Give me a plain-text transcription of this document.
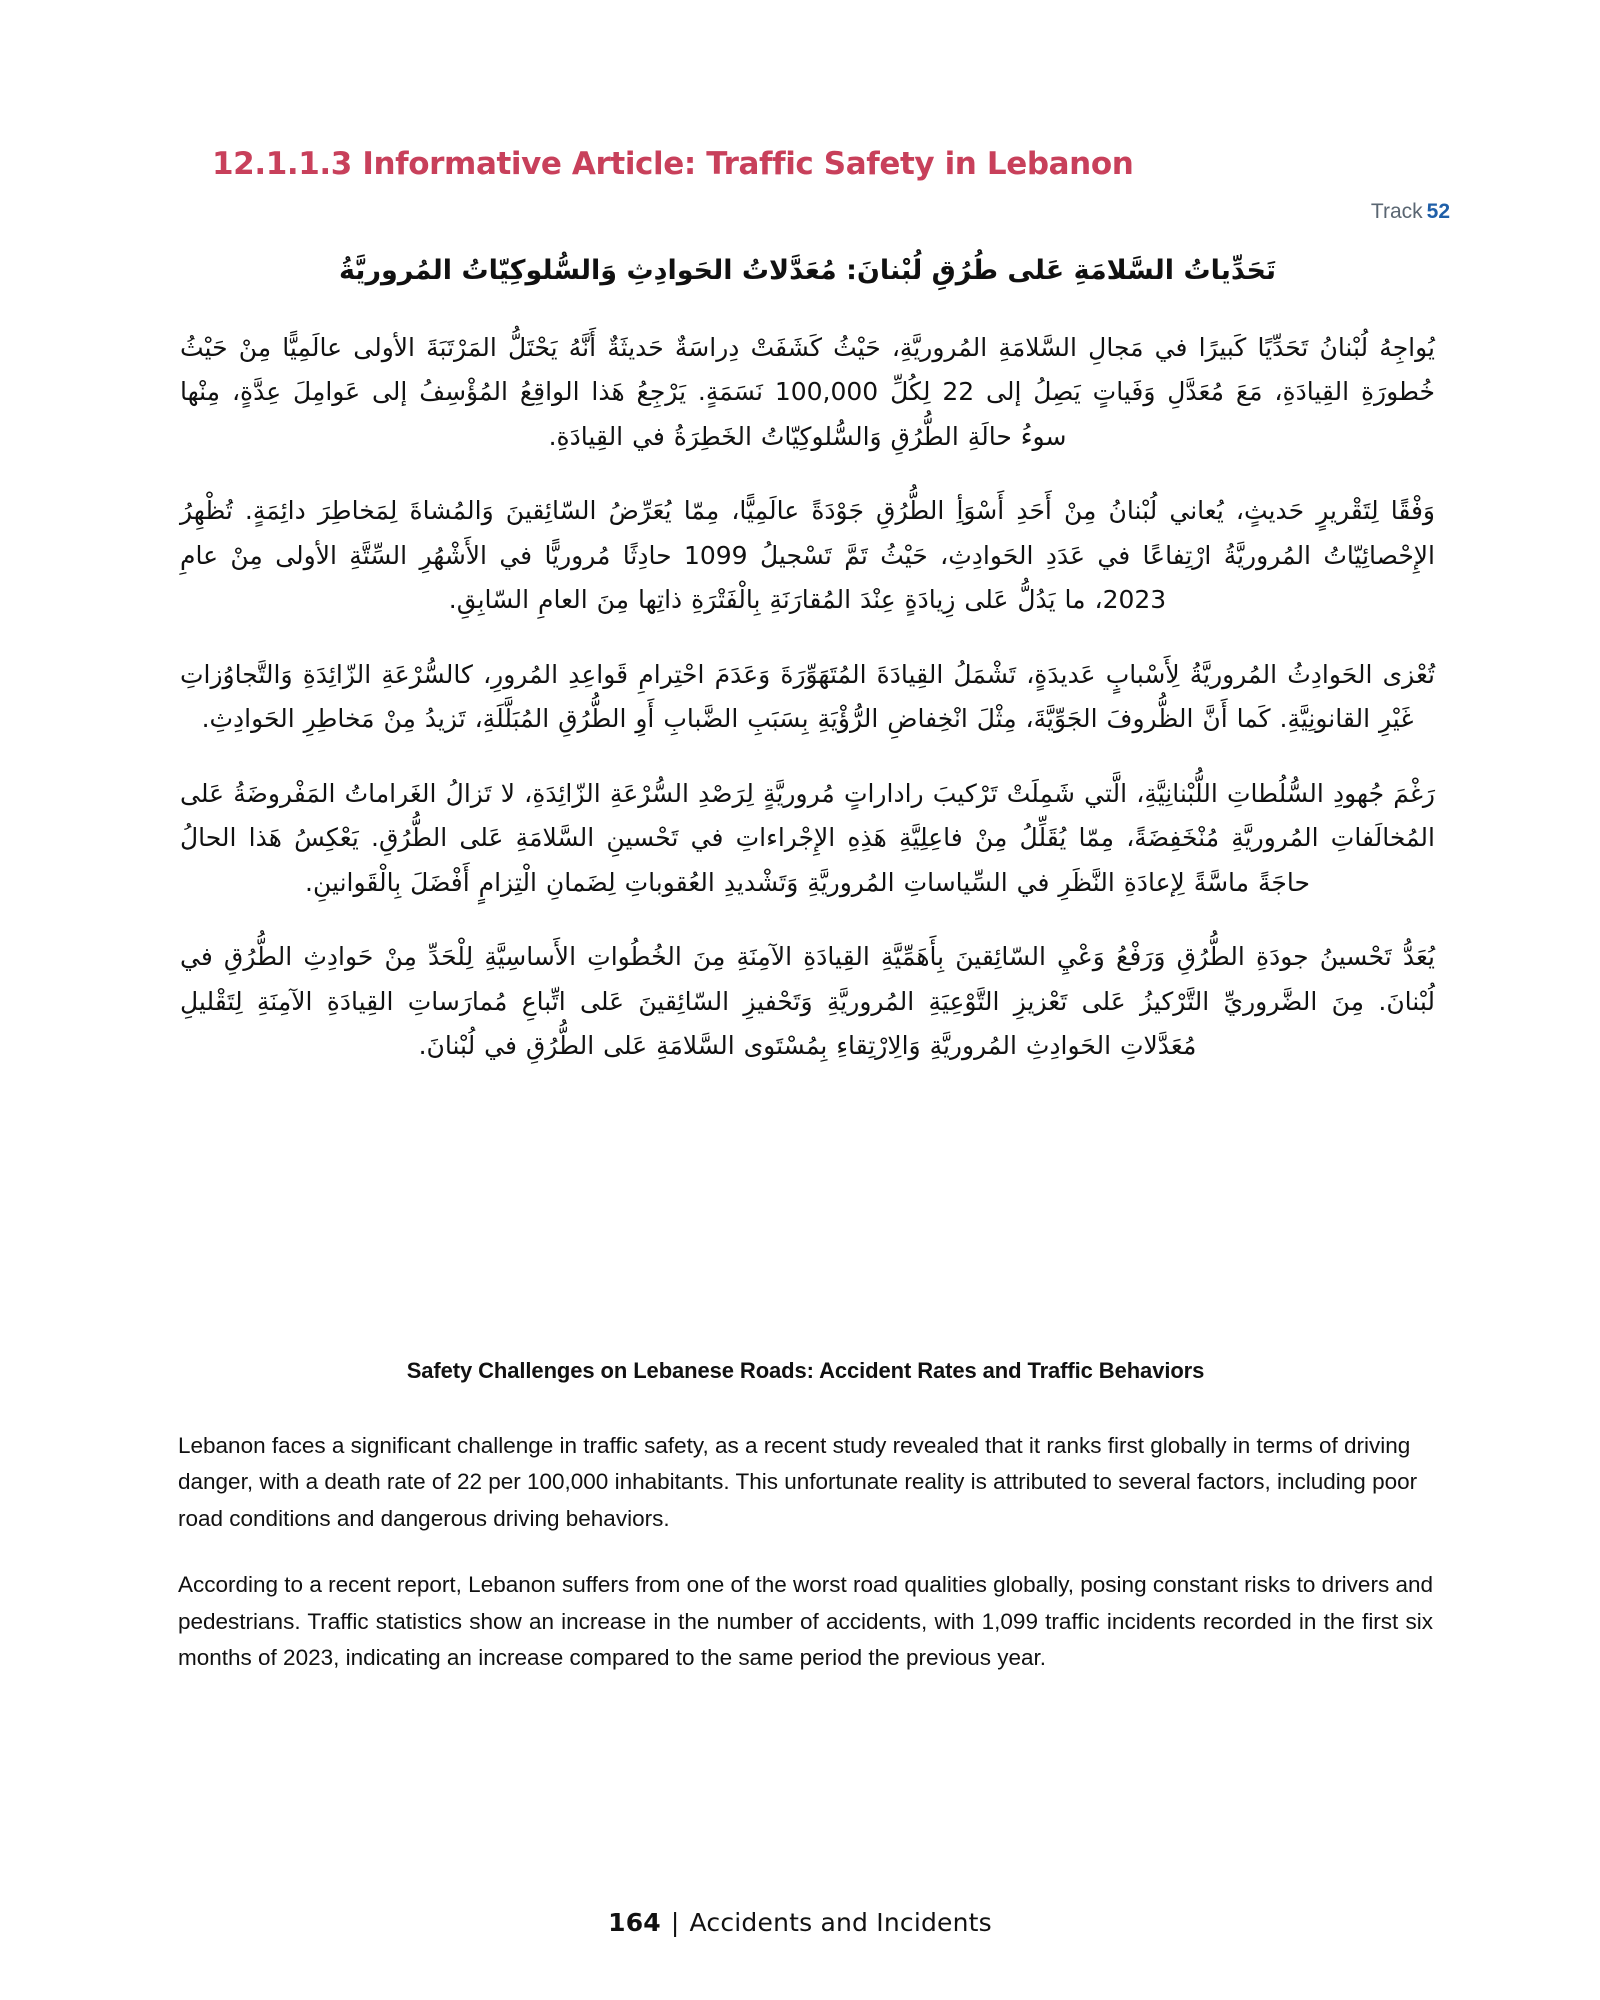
12.1.1.3 Informative Article: Traffic Safety in Lebanon
Track 52
تَحَدِّياتُ السَّلامَةِ عَلى طُرُقِ لُبْنانَ: مُعَدَّلاتُ الحَوادِثِ وَالسُّلوكِيّاتُ المُروريَّةُ

يُواجِهُ لُبْنانُ تَحَدِّيًا كَبيرًا في مَجالِ السَّلامَةِ المُروريَّةِ، حَيْثُ كَشَفَتْ دِراسَةٌ حَديثَةٌ أَنَّهُ يَحْتَلُّ المَرْتَبَةَ الأولى عالَمِيًّا مِنْ حَيْثُ خُطورَةِ القِيادَةِ، مَعَ مُعَدَّلِ وَفَياتٍ يَصِلُ إلى 22 لِكُلِّ 100,000 نَسَمَةٍ. يَرْجِعُ هَذا الواقِعُ المُؤْسِفُ إلى عَوامِلَ عِدَّةٍ، مِنْها سوءُ حالَةِ الطُّرُقِ وَالسُّلوكِيّاتُ الخَطِرَةُ في القِيادَةِ.

وَفْقًا لِتَقْريرٍ حَديثٍ، يُعاني لُبْنانُ مِنْ أَحَدِ أَسْوَأِ الطُّرُقِ جَوْدَةً عالَمِيًّا، مِمّا يُعَرِّضُ السّائِقينَ وَالمُشاةَ لِمَخاطِرَ دائِمَةٍ. تُظْهِرُ الإِحْصائِيّاتُ المُروريَّةُ ارْتِفاعًا في عَدَدِ الحَوادِثِ، حَيْثُ تَمَّ تَسْجيلُ 1099 حادِثًا مُروريًّا في الأَشْهُرِ السِّتَّةِ الأولى مِنْ عامِ 2023، ما يَدُلُّ عَلى زِيادَةٍ عِنْدَ المُقارَنَةِ بِالْفَتْرَةِ ذاتِها مِنَ العامِ السّابِقِ.

تُعْزى الحَوادِثُ المُروريَّةُ لِأَسْبابٍ عَديدَةٍ، تَشْمَلُ القِيادَةَ المُتَهَوِّرَةَ وَعَدَمَ احْتِرامِ قَواعِدِ المُرورِ، كالسُّرْعَةِ الزّائِدَةِ وَالتَّجاوُزاتِ غَيْرِ القانونِيَّةِ. كَما أَنَّ الظُّروفَ الجَوِّيَّةَ، مِثْلَ انْخِفاضِ الرُّؤْيَةِ بِسَبَبِ الضَّبابِ أَوِ الطُّرُقِ المُبَلَّلَةِ، تَزيدُ مِنْ مَخاطِرِ الحَوادِثِ.

رَغْمَ جُهودِ السُّلُطاتِ اللُّبْنانِيَّةِ، الَّتي شَمِلَتْ تَرْكيبَ راداراتٍ مُروريَّةٍ لِرَصْدِ السُّرْعَةِ الزّائِدَةِ، لا تَزالُ الغَراماتُ المَفْروضَةُ عَلى المُخالَفاتِ المُروريَّةِ مُنْخَفِضَةً، مِمّا يُقَلِّلُ مِنْ فاعِلِيَّةِ هَذِهِ الإِجْراءاتِ في تَحْسينِ السَّلامَةِ عَلى الطُّرُقِ. يَعْكِسُ هَذا الحالُ حاجَةً ماسَّةً لِإعادَةِ النَّظَرِ في السِّياساتِ المُروريَّةِ وَتَشْديدِ العُقوباتِ لِضَمانِ الْتِزامٍ أَفْضَلَ بِالْقَوانينِ.

يُعَدُّ تَحْسينُ جودَةِ الطُّرُقِ وَرَفْعُ وَعْيِ السّائِقينَ بِأَهَمِّيَّةِ القِيادَةِ الآمِنَةِ مِنَ الخُطُواتِ الأَساسِيَّةِ لِلْحَدِّ مِنْ حَوادِثِ الطُّرُقِ في لُبْنانَ. مِنَ الضَّروريِّ التَّرْكيزُ عَلى تَعْزيزِ التَّوْعِيَةِ المُروريَّةِ وَتَحْفيزِ السّائِقينَ عَلى اتِّباعِ مُمارَساتِ القِيادَةِ الآمِنَةِ لِتَقْليلِ مُعَدَّلاتِ الحَوادِثِ المُروريَّةِ وَالِارْتِقاءِ بِمُسْتَوى السَّلامَةِ عَلى الطُّرُقِ في لُبْنانَ.

Safety Challenges on Lebanese Roads: Accident Rates and Traffic Behaviors

Lebanon faces a significant challenge in traffic safety, as a recent study revealed that it ranks first globally in terms of driving danger, with a death rate of 22 per 100,000 inhabitants. This unfortunate reality is attributed to several factors, including poor road conditions and dangerous driving behaviors.

According to a recent report, Lebanon suffers from one of the worst road qualities globally, posing constant risks to drivers and pedestrians. Traffic statistics show an increase in the number of accidents, with 1,099 traffic incidents recorded in the first six months of 2023, indicating an increase compared to the same period the previous year.

164 | Accidents and Incidents
